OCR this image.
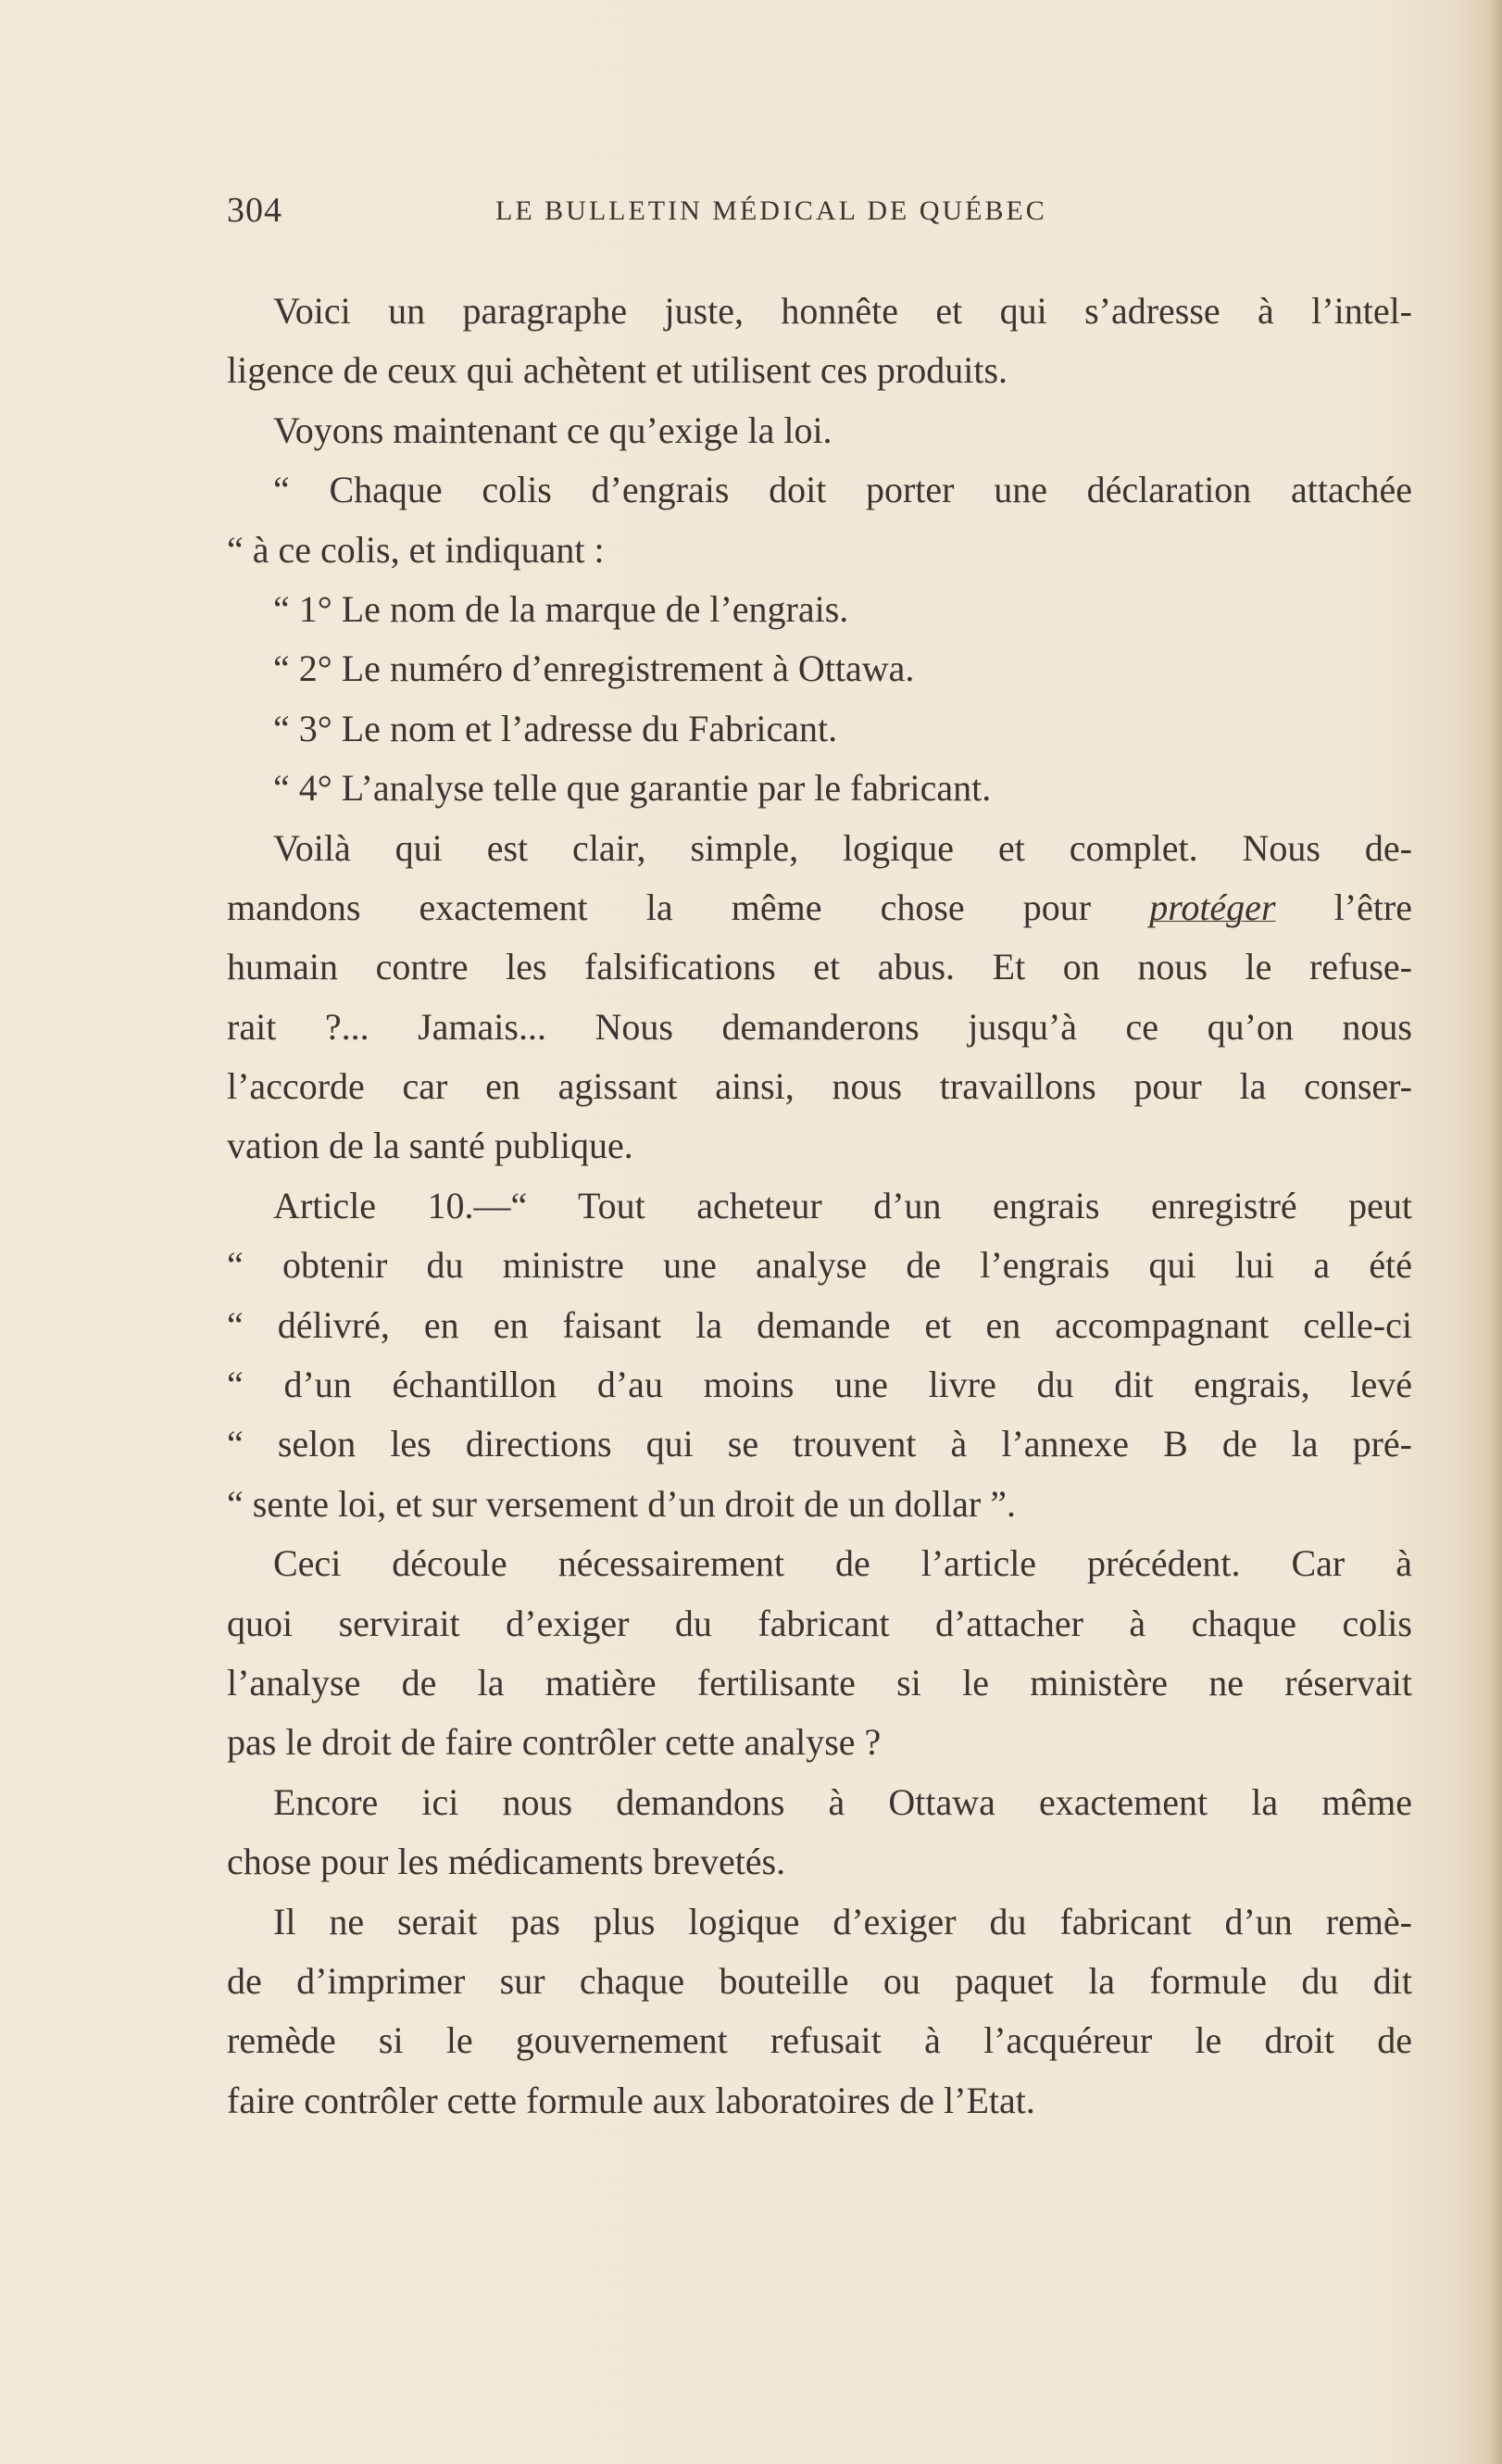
304	LE BULLETIN MÉDICAL DE QUÉBEC
Voici un paragraphe juste, honnête et qui s’adresse à l’intel-
ligence de ceux qui achètent et utilisent ces produits.
Voyons maintenant ce qu’exige la loi.
“ Chaque colis d’engrais doit porter une déclaration attachée
“ à ce colis, et indiquant :
“ 1° Le nom de la marque de l’engrais.
“ 2° Le numéro d’enregistrement à Ottawa.
“ 3° Le nom et l’adresse du Fabricant.
“ 4° L’analyse telle que garantie par le fabricant.
Voilà qui est clair, simple, logique et complet. Nous de-
mandons exactement la même chose pour protéger l’être
humain contre les falsifications et abus. Et on nous le refuse-
rait ?... Jamais... Nous demanderons jusqu’à ce qu’on nous
l’accorde car en agissant ainsi, nous travaillons pour la conser-
vation de la santé publique.
Article 10.—“ Tout acheteur d’un engrais enregistré peut
“ obtenir du ministre une analyse de l’engrais qui lui a été
“ délivré, en en faisant la demande et en accompagnant celle-ci
“ d’un échantillon d’au moins une livre du dit engrais, levé
“ selon les directions qui se trouvent à l’annexe B de la pré-
“ sente loi, et sur versement d’un droit de un dollar ”.
Ceci découle nécessairement de l’article précédent. Car à
quoi servirait d’exiger du fabricant d’attacher à chaque colis
l’analyse de la matière fertilisante si le ministère ne réservait
pas le droit de faire contrôler cette analyse ?
Encore ici nous demandons à Ottawa exactement la même
chose pour les médicaments brevetés.
Il ne serait pas plus logique d’exiger du fabricant d’un remè-
de d’imprimer sur chaque bouteille ou paquet la formule du dit
remède si le gouvernement refusait à l’acquéreur le droit de
faire contrôler cette formule aux laboratoires de l’Etat.
